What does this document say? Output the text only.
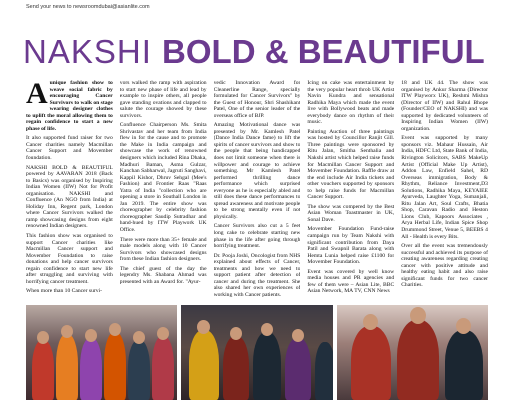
Send your news to newsroomdubai@asianlite.com
NAKSHI BOLD & BEAUTIFUL

Aunique fashion show to weave social fabric by encouraging Cancer Survivors to walk on stage wearing designer clothes to uplift the moral allowing them to regain confidence to start a new phase of life.

It also supported fund raiser for two Cancer charities namely Macmillan Cancer Support and Movember foundation.

NAKSHI BOLD & BEAUTIFUL powered by AAVARAN 2018 (Back to Basics) was organised by Inspiring Indian Women (IIW) Not for Profit organisation. NAKSHI and Confluence (An NGO from India) at Holiday Inn, Regent park, London where Cancer Survivors walked the ramp showcasing designs from eight renowned Indian designers.

This fashion show was organised to support Cancer charities like Macmillan Cancer support and Movember Foundation to raise donations and help cancer survivors regain confidence to start new life after struggling and surviving with horrifying cancer treatment.

When more than 10 Cancer survi-

vors walked the ramp with aspiration to start new phase of life and lead by example to inspire others, all people gave standing ovations and clapped to salute the courage showed by these survivors.

Confluence Chairperson Ms. Smita Shrivastav and her team from India flew in for the cause and to promote the Make in India campaign and showcase the work of renowned designers which included Rina Dhaka, Madhuri Baman, Asma Gulzar, Kanchan Sabharwal, Jagruti Sanghavi, Kappil Kishor, Dhruv Sehgal (Mee's Fashion) and Frontier Raas "Raas Yatra of India "collection who are opening a store in Southall London in Jan 2019. The entire show was choreographer by celebrity fashion choreographer Saudip Sutradhar and hand-hued by ITW Playwork UK Office.

There were more than 35+ female and male models along with 10 Cancer Survivors who showcased designs from these Indian fashion designers.

The chief guest of the day the legendry Ms. Shabana Ahmad was presented with an Award for. "Ayur-

vedic Innovation Award for Cleanerline Range, specially formulated for Cancer Survivors" by the Guest of Honour, Shri Shashikant Patel, One of the senior leader of the overseas office of BJP.

Amazing Motivational dance was presented by Mr. Kamlesh Patel (Dance India Dance fame) to lift the spirits of cancer survivors and show to the people that being handicapped does not limit someone when there is willpower and courage to achieve something. Mr Kamlesh Patel performed thrilling dance performance which surprised everyone as he is especially abled and still does these dance performances to spread awareness and motivate people to be strong mentally even if not physically.

Cancer Survivors also cut a 5 feet long cake to celebrate starting new phase in the life after going through horrifying treatment.

Dr. Pooja Joshi, Oncologist from NHS explained about effects of Cancer, treatments and how we need to support patient after detection of cancer and during the treatment. She also shared her own experiences of working with Cancer patients.

Icing on cake was entertainment by the very popular heart throb UK Artist Navin Kundra and sensational Radhika Maya which made the event live with Bollywood beats and made everybody dance on rhythm of their music.

Painting Auction of three paintings was hosted by Councillor Ranjit Gill. Three paintings were sponsored by Ritu Jalan, Smitha Senthalia and Nakshi artist which helped raise funds for Macmillan Cancer Support and Movember Foundation. Raffle draw at the end include Air India tickets and other vouchers supported by sponsors to help raise funds for Macmillan Cancer Support.

The show was compered by the Best Asian Woman Toastmaster in UK, Sonal Dave.

Movember Foundation Fund-raise campaign run by Team Nakshi with significant contribution from Daya Patil and Swapnil Barata along with Hemta Lunia helped raise £1100 for Movember Foundation.

Event was covered by well know media houses and PR agencies and few of them were – Asian Lite, BBC Asian Network, MA TV, CNN News

18 and UK 44. The show was organised by Ankur Sharma (Director ITW Playworx UK), Reshmi Mishra (Director of IIW) and Rahul Bhope (Founder/CEO of NAKSHI) and was supported by dedicated volunteers of Inspiring Indian Women (IIW) organization.

Event was supported by many sponsors viz. Mahaur Hussain, Air India, HDFC Ltd, State Bank of India, Rivington Solicitors, SABS MakeUp Artist (Official Make Up Artist), Addon Law, Enfield Sahel, RD Overseas immigration, Body & Rhythm, Reliance Investment,D3 Solutions, Radhika Maya, KEYAIEE Ayurveda, Laughter Yoga, Sumanjali, Ritu Jalan Art, Soul Crafts, Bhatia Shop, Caravan Radio and Heston Lions Club, Kapoors Associates , Arya Herbal Life, Indian Spice Shop Drummond Street, Venue 5, BEEBS 4 All - Health is every Bits.

Over all the event was tremendously successful and achieved its purpose of creating awareness regarding creating cancer with positive attitude and healthy eating habit and also raise significant funds for two cancer Charities.
